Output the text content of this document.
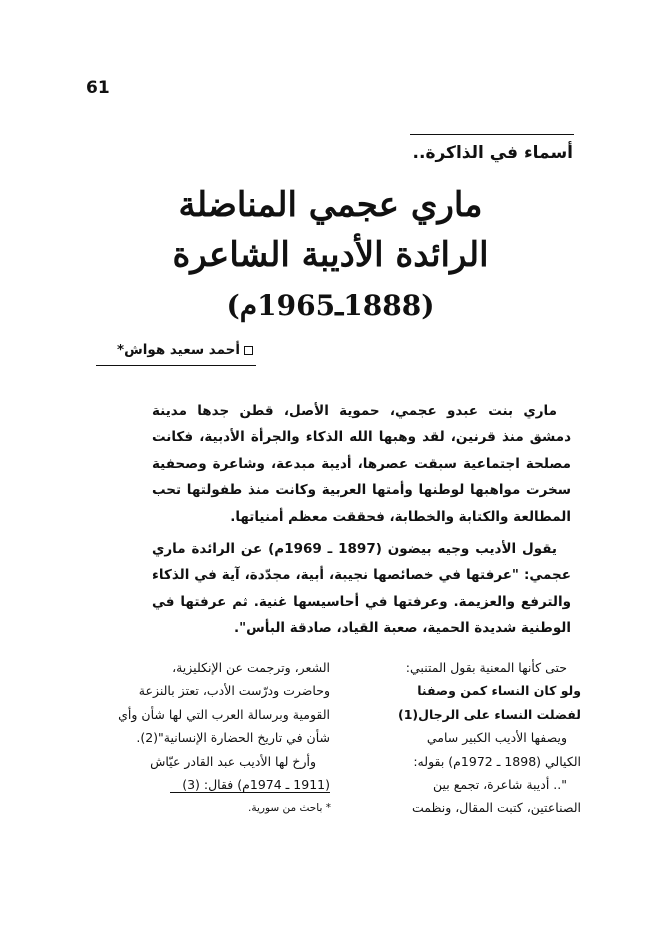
61
أسماء في الذاكرة..
ماري عجمي المناضلة
الرائدة الأديبة الشاعرة
(1888ـ1965م)
أحمد سعيد هواش*

ماري بنت عبدو عجمي، حموية الأصل، قطن جدها مدينة دمشق منذ قرنين، لقد وهبها الله الذكاء والجرأة الأدبية، فكانت مصلحة اجتماعية سبقت عصرها، أديبة مبدعة، وشاعرة وصحفية سخرت مواهبها لوطنها وأمتها العربية وكانت منذ طفولتها تحب المطالعة والكتابة والخطابة، فحققت معظم أمنياتها.

يقول الأديب وجيه بيضون (1897 ـ 1969م) عن الرائدة ماري عجمي: "عرفتها في خصائصها نجيبة، أبية، مجدّدة، آية في الذكاء والترفع والعزيمة. وعرفتها في أحاسيسها غنية. ثم عرفتها في الوطنية شديدة الحمية، صعبة القياد، صادقة البأس".

حتى كأنها المعنية بقول المتنبي:
ولو كان النساء كمن وصفنا
لفضلت النساء على الرجال(1)
ويصفها الأديب الكبير سامي
الكيالي (1898 ـ 1972م) بقوله:
".. أديبة شاعرة، تجمع بين
الصناعتين، كتبت المقال، ونظمت
الشعر، وترجمت عن الإنكليزية،
وحاضرت ودرّست الأدب، تعتز بالنزعة
القومية وبرسالة العرب التي لها شأن وأي
شأن في تاريخ الحضارة الإنسانية"(2).
وأرخ لها الأديب عبد القادر عيّاش
(1911 ـ 1974م) فقال: (3)
* باحث من سورية.
